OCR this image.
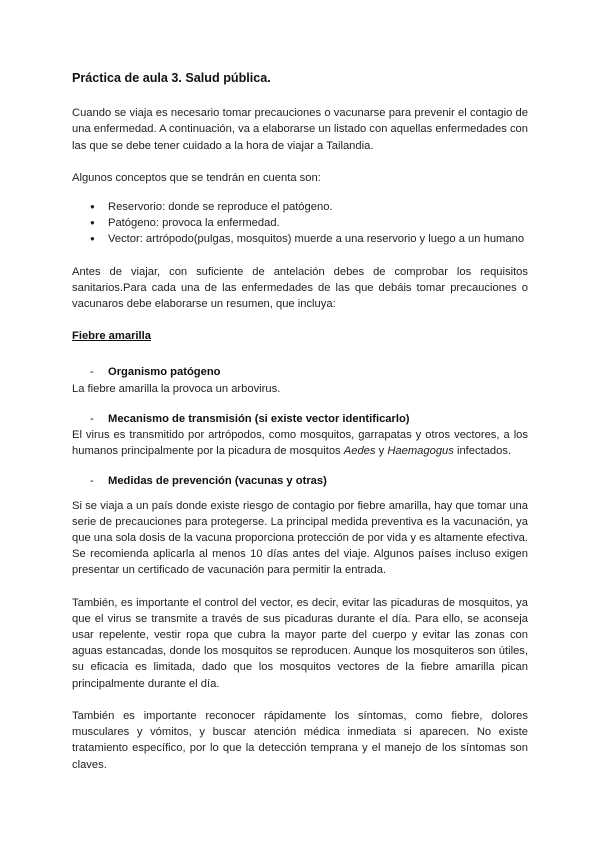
Práctica de aula 3. Salud pública.

Cuando se viaja es necesario tomar precauciones o vacunarse para prevenir el contagio de una enfermedad. A continuación, va a elaborarse un listado con aquellas enfermedades con las que se debe tener cuidado a la hora de viajar a Tailandia.

Algunos conceptos que se tendrán en cuenta son:

● Reservorio: donde se reproduce el patógeno.
● Patógeno: provoca la enfermedad.
● Vector: artrópodo(pulgas, mosquitos) muerde a una reservorio y luego a un humano

Antes de viajar, con suficiente de antelación debes de comprobar los requisitos sanitarios.Para cada una de las enfermedades de las que debáis tomar precauciones o vacunaros debe elaborarse un resumen, que incluya:

Fiebre amarilla
- Organismo patógeno

La fiebre amarilla la provoca un arbovirus.

- Mecanismo de transmisión (si existe vector identificarlo)

El virus es transmitido por artrópodos, como mosquitos, garrapatas y otros vectores, a los humanos principalmente por la picadura de mosquitos Aedes y Haemagogus infectados.

- Medidas de prevención (vacunas y otras)

Si se viaja a un país donde existe riesgo de contagio por fiebre amarilla, hay que tomar una serie de precauciones para protegerse. La principal medida preventiva es la vacunación, ya que una sola dosis de la vacuna proporciona protección de por vida y es altamente efectiva. Se recomienda aplicarla al menos 10 días antes del viaje. Algunos países incluso exigen presentar un certificado de vacunación para permitir la entrada.

También, es importante el control del vector, es decir, evitar las picaduras de mosquitos, ya que el virus se transmite a través de sus picaduras durante el día. Para ello, se aconseja usar repelente, vestir ropa que cubra la mayor parte del cuerpo y evitar las zonas con aguas estancadas, donde los mosquitos se reproducen. Aunque los mosquiteros son útiles, su eficacia es limitada, dado que los mosquitos vectores de la fiebre amarilla pican principalmente durante el día.

También es importante reconocer rápidamente los síntomas, como fiebre, dolores musculares y vómitos, y buscar atención médica inmediata si aparecen. No existe tratamiento específico, por lo que la detección temprana y el manejo de los síntomas son claves.
